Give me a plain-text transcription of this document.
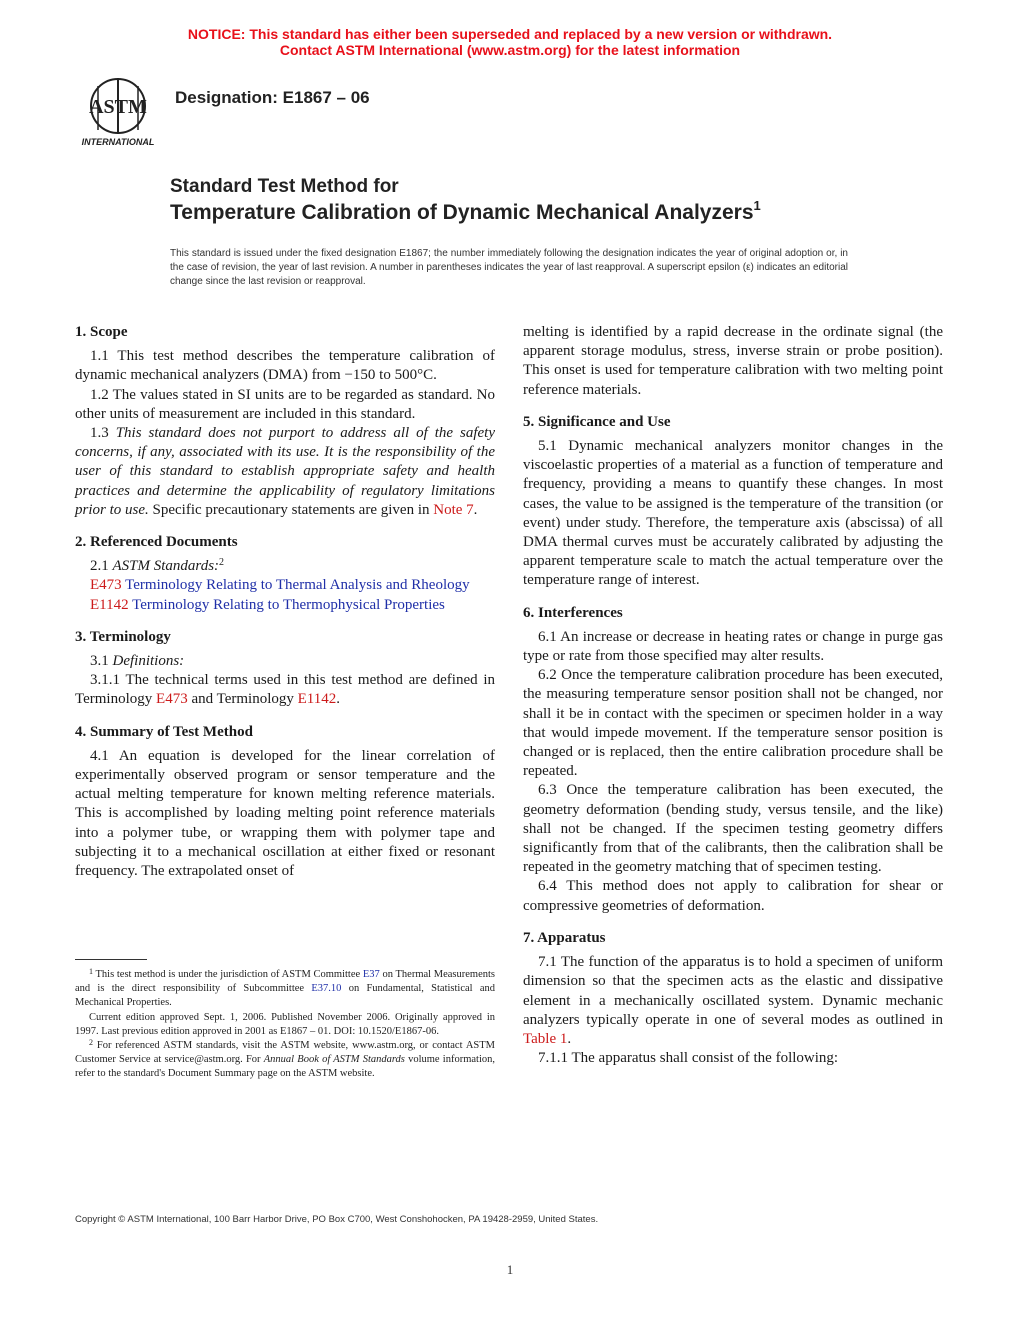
NOTICE: This standard has either been superseded and replaced by a new version or withdrawn.
Contact ASTM International (www.astm.org) for the latest information
ASTM
INTERNATIONAL
Designation: E1867 – 06
Standard Test Method for
Temperature Calibration of Dynamic Mechanical Analyzers$^1$
This standard is issued under the fixed designation E1867; the number immediately following the designation indicates the year of original adoption or, in the case of revision, the year of last revision. A number in parentheses indicates the year of last reapproval. A superscript epsilon (ε) indicates an editorial change since the last revision or reapproval.
1. Scope

1.1 This test method describes the temperature calibration of dynamic mechanical analyzers (DMA) from −150 to 500°C.

1.2 The values stated in SI units are to be regarded as standard. No other units of measurement are included in this standard.

1.3 This standard does not purport to address all of the safety concerns, if any, associated with its use. It is the responsibility of the user of this standard to establish appropriate safety and health practices and determine the applicability of regulatory limitations prior to use. Specific precautionary statements are given in Note 7.

2. Referenced Documents

2.1 ASTM Standards:$^2$

E473 Terminology Relating to Thermal Analysis and Rheology

E1142 Terminology Relating to Thermophysical Properties

3. Terminology

3.1 Definitions:

3.1.1 The technical terms used in this test method are defined in Terminology E473 and Terminology E1142.

4. Summary of Test Method

4.1 An equation is developed for the linear correlation of experimentally observed program or sensor temperature and the actual melting temperature for known melting reference materials. This is accomplished by loading melting point reference materials into a polymer tube, or wrapping them with polymer tape and subjecting it to a mechanical oscillation at either fixed or resonant frequency. The extrapolated onset of

$^1$ This test method is under the jurisdiction of ASTM Committee E37 on Thermal Measurements and is the direct responsibility of Subcommittee E37.10 on Fundamental, Statistical and Mechanical Properties.

Current edition approved Sept. 1, 2006. Published November 2006. Originally approved in 1997. Last previous edition approved in 2001 as E1867 – 01. DOI: 10.1520/E1867-06.

$^2$ For referenced ASTM standards, visit the ASTM website, www.astm.org, or contact ASTM Customer Service at service@astm.org. For Annual Book of ASTM Standards volume information, refer to the standard's Document Summary page on the ASTM website.

melting is identified by a rapid decrease in the ordinate signal (the apparent storage modulus, stress, inverse strain or probe position). This onset is used for temperature calibration with two melting point reference materials.

5. Significance and Use

5.1 Dynamic mechanical analyzers monitor changes in the viscoelastic properties of a material as a function of temperature and frequency, providing a means to quantify these changes. In most cases, the value to be assigned is the temperature of the transition (or event) under study. Therefore, the temperature axis (abscissa) of all DMA thermal curves must be accurately calibrated by adjusting the apparent temperature scale to match the actual temperature over the temperature range of interest.

6. Interferences

6.1 An increase or decrease in heating rates or change in purge gas type or rate from those specified may alter results.

6.2 Once the temperature calibration procedure has been executed, the measuring temperature sensor position shall not be changed, nor shall it be in contact with the specimen or specimen holder in a way that would impede movement. If the temperature sensor position is changed or is replaced, then the entire calibration procedure shall be repeated.

6.3 Once the temperature calibration has been executed, the geometry deformation (bending study, versus tensile, and the like) shall not be changed. If the specimen testing geometry differs significantly from that of the calibrants, then the calibration shall be repeated in the geometry matching that of specimen testing.

6.4 This method does not apply to calibration for shear or compressive geometries of deformation.

7. Apparatus

7.1 The function of the apparatus is to hold a specimen of uniform dimension so that the specimen acts as the elastic and dissipative element in a mechanically oscillated system. Dynamic mechanic analyzers typically operate in one of several modes as outlined in Table 1.

7.1.1 The apparatus shall consist of the following:

Copyright © ASTM International, 100 Barr Harbor Drive, PO Box C700, West Conshohocken, PA 19428-2959, United States.
1
